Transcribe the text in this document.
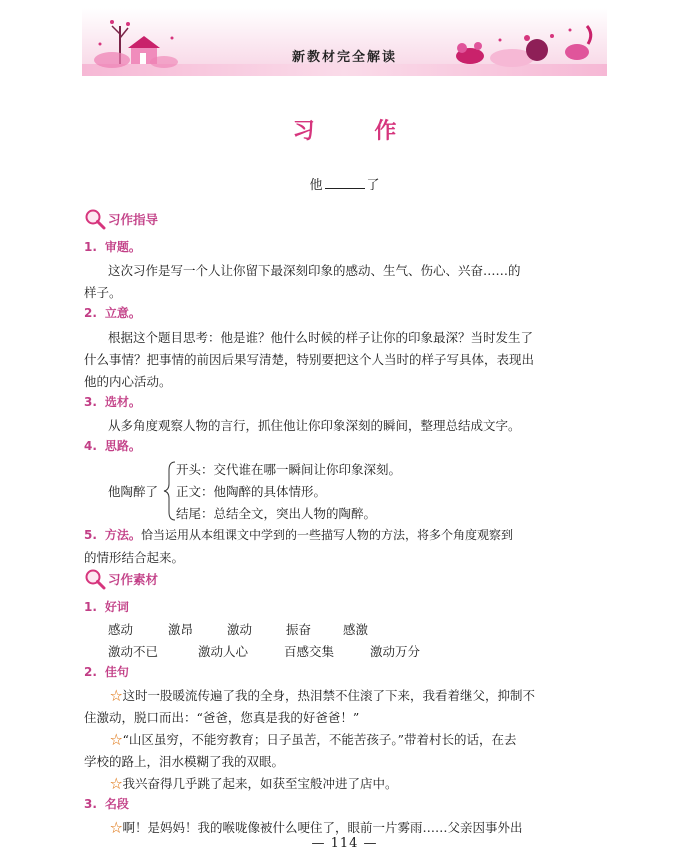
新教材完全解读
习 作
他	了
习作指导
1. 审题。
这次习作是写一个人让你留下最深刻印象的感动、生气、伤心、兴奋……的
样子。
2. 立意。
根据这个题目思考：他是谁？他什么时候的样子让你的印象最深？当时发生了
什么事情？把事情的前因后果写清楚，特别要把这个人当时的样子写具体，表现出
他的内心活动。
3. 选材。
从多角度观察人物的言行，抓住他让你印象深刻的瞬间，整理总结成文字。
4. 思路。
开头：交代谁在哪一瞬间让你印象深刻。
他陶醉了 正文：他陶醉的具体情形。
结尾：总结全文，突出人物的陶醉。
5. 方法。恰当运用从本组课文中学到的一些描写人物的方法，将多个角度观察到
的情形结合起来。
习作素材
1. 好词
感动	激昂	激动	振奋	感激
激动不已	激动人心	百感交集	激动万分
2. 佳句
☆这时一股暖流传遍了我的全身，热泪禁不住滚了下来，我看着继父，抑制不
住激动，脱口而出：“爸爸，您真是我的好爸爸！”
☆“山区虽穷，不能穷教育；日子虽苦，不能苦孩子。”带着村长的话，在去
学校的路上，泪水模糊了我的双眼。
☆我兴奋得几乎跳了起来，如获至宝般冲进了店中。
3. 名段
☆啊！是妈妈！我的喉咙像被什么哽住了，眼前一片雾雨……父亲因事外出
— 114 —
